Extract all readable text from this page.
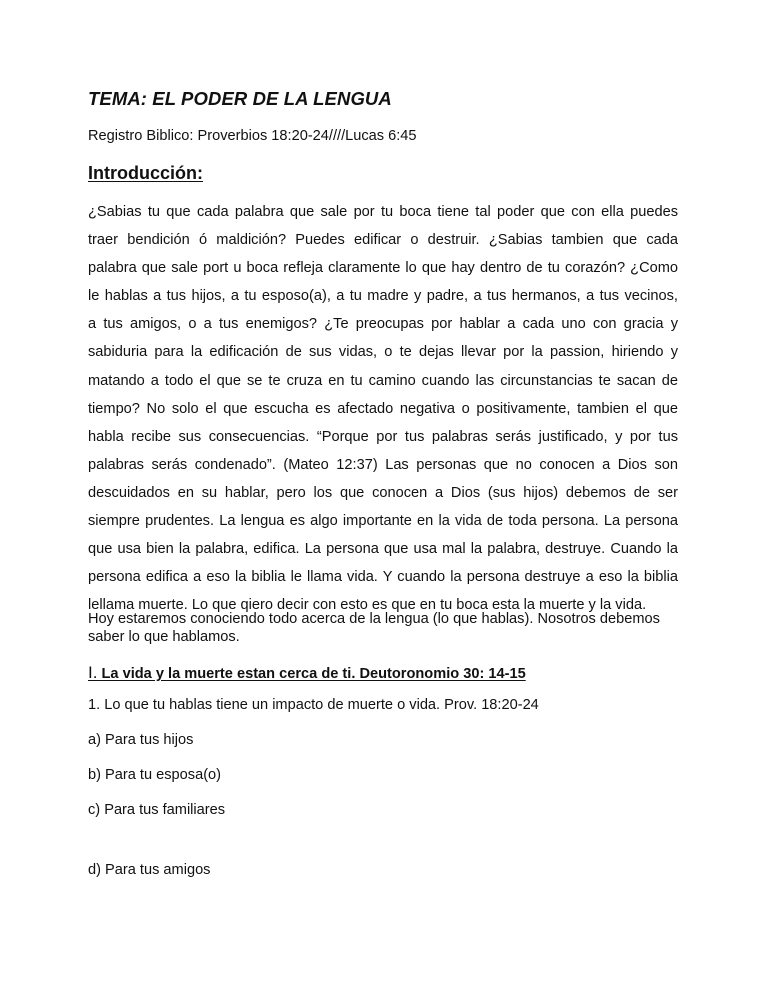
TEMA: EL PODER DE LA LENGUA
Registro Biblico: Proverbios 18:20-24////Lucas 6:45
Introducción:
¿Sabias tu que cada palabra que sale por tu boca tiene tal poder que con ella puedes
traer bendición ó maldición? Puedes edificar o destruir. ¿Sabias tambien que cada
palabra que sale port u boca refleja claramente lo que hay dentro de tu corazón? ¿Como
le hablas a tus hijos, a tu esposo(a), a tu madre y padre, a tus hermanos, a tus vecinos,
a tus amigos, o a tus enemigos? ¿Te preocupas por hablar a cada uno con gracia y
sabiduria para la edificación de sus vidas, o te dejas llevar por la passion, hiriendo y
matando a todo el que se te cruza en tu camino cuando las circunstancias te sacan de
tiempo? No solo el que escucha es afectado negativa o positivamente, tambien el que
habla recibe sus consecuencias. “Porque por tus palabras serás justificado, y por tus
palabras serás condenado”. (Mateo 12:37) Las personas que no conocen a Dios son
descuidados en su hablar, pero los que conocen a Dios (sus hijos) debemos de ser
siempre prudentes. La lengua es algo importante en la vida de toda persona. La persona
que usa bien la palabra, edifica. La persona que usa mal la palabra, destruye. Cuando la
persona edifica a eso la biblia le llama vida. Y cuando la persona destruye a eso la biblia
lellama muerte. Lo que qiero decir con esto es que en tu boca esta la muerte y la vida.
Hoy estaremos conociendo todo acerca de la lengua (lo que hablas). Nosotros debemos saber lo que hablamos.
I. La vida y la muerte estan cerca de ti. Deutoronomio 30: 14-15
1. Lo que tu hablas tiene un impacto de muerte o vida. Prov. 18:20-24
a) Para tus hijos
b) Para tu esposa(o)
c) Para tus familiares
d) Para tus amigos
